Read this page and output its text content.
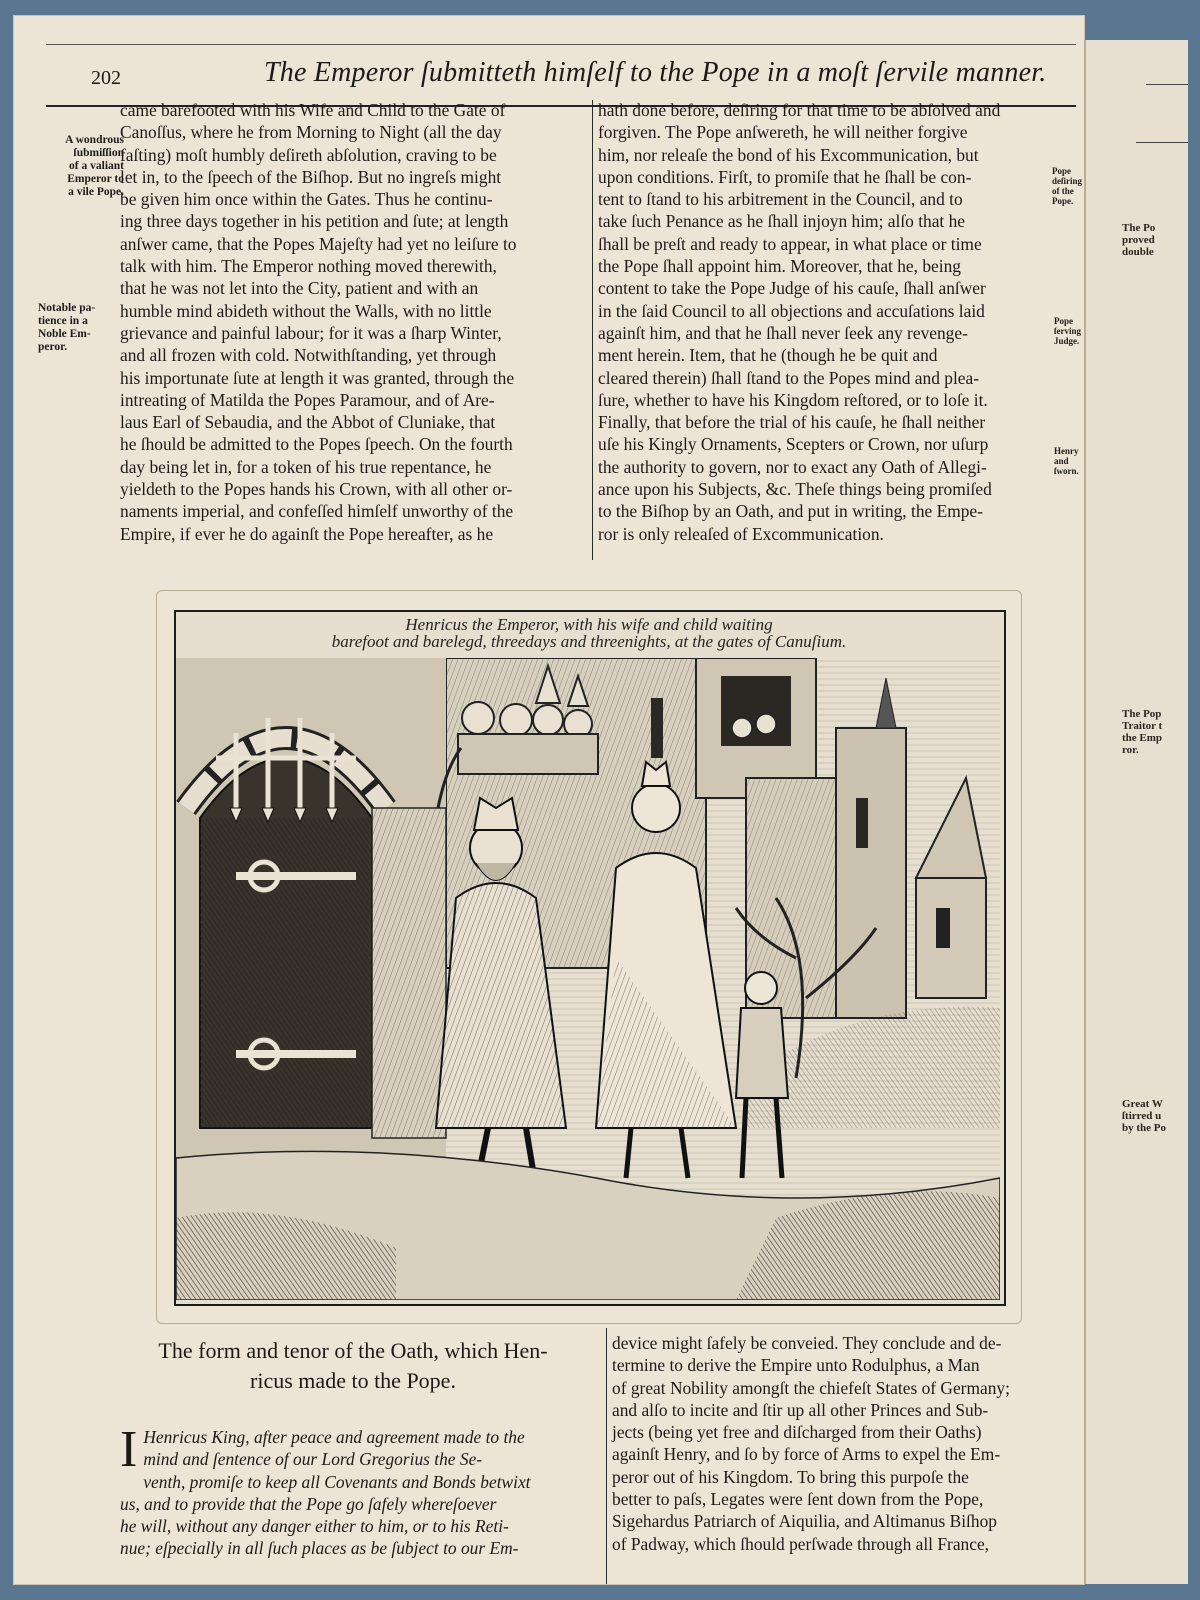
202	The Emperor ſubmitteth himſelf to the Pope in a moſt ſervile manner.
A wondrous
ſubmiſſion
of a valiant
Emperor to
a vile Pope.
Notable pa-
tience in a
Noble Em-
peror.
Pope
deſiring
of the
Pope.
Pope
ſerving
Judge.
Henry
and
ſworn.

came barefooted with his Wife and Child to the Gate of

Canoſſus, where he from Morning to Night (all the day

faſting) moſt humbly deſireth abſolution, craving to be

let in, to the ſpeech of the Biſhop. But no ingreſs might

be given him once within the Gates. Thus he continu-

ing three days together in his petition and ſute; at length

anſwer came, that the Popes Majeſty had yet no leiſure to

talk with him. The Emperor nothing moved therewith,

that he was not let into the City, patient and with an

humble mind abideth without the Walls, with no little

grievance and painful labour; for it was a ſharp Winter,

and all frozen with cold. Notwithſtanding, yet through

his importunate ſute at length it was granted, through the

intreating of Matilda the Popes Paramour, and of Are-

laus Earl of Sebaudia, and the Abbot of Cluniake, that

he ſhould be admitted to the Popes ſpeech. On the fourth

day being let in, for a token of his true repentance, he

yieldeth to the Popes hands his Crown, with all other or-

naments imperial, and confeſſed himſelf unworthy of the

Empire, if ever he do againſt the Pope hereafter, as he

hath done before, deſiring for that time to be abſolved and

forgiven. The Pope anſwereth, he will neither forgive

him, nor releaſe the bond of his Excommunication, but

upon conditions. Firſt, to promiſe that he ſhall be con-

tent to ſtand to his arbitrement in the Council, and to

take ſuch Penance as he ſhall injoyn him; alſo that he

ſhall be preſt and ready to appear, in what place or time

the Pope ſhall appoint him. Moreover, that he, being

content to take the Pope Judge of his cauſe, ſhall anſwer

in the ſaid Council to all objections and accuſations laid

againſt him, and that he ſhall never ſeek any revenge-

ment herein. Item, that he (though he be quit and

cleared therein) ſhall ſtand to the Popes mind and plea-

ſure, whether to have his Kingdom reſtored, or to loſe it.

Finally, that before the trial of his cauſe, he ſhall neither

uſe his Kingly Ornaments, Scepters or Crown, nor uſurp

the authority to govern, nor to exact any Oath of Allegi-

ance upon his Subjects, &c. Theſe things being promiſed

to the Biſhop by an Oath, and put in writing, the Empe-

ror is only releaſed of Excommunication.

Henricus the Emperor, with his wife and child waiting
barefoot and barelegd, threedays and threenights, at the gates of Canuſium.
The form and tenor of the Oath, which Hen-
ricus made to the Pope.
I Henricus King, after peace and agreement made to the
mind and ſentence of our Lord Gregorius the Se-
venth, promiſe to keep all Covenants and Bonds betwixt
us, and to provide that the Pope go ſafely whereſoever
he will, without any danger either to him, or to his Reti-
nue; eſpecially in all ſuch places as be ſubject to our Em-

device might ſafely be conveied. They conclude and de-

termine to derive the Empire unto Rodulphus, a Man

of great Nobility amongſt the chiefeſt States of Germany;

and alſo to incite and ſtir up all other Princes and Sub-

jects (being yet free and diſcharged from their Oaths)

againſt Henry, and ſo by force of Arms to expel the Em-

peror out of his Kingdom. To bring this purpoſe the

better to paſs, Legates were ſent down from the Pope,

Sigehardus Patriarch of Aiquilia, and Altimanus Biſhop

of Padway, which ſhould perſwade through all France,

The Po
proved
double
The Pop
Traitor t
the Emp
ror.
Great W
ſtirred u
by the Po
